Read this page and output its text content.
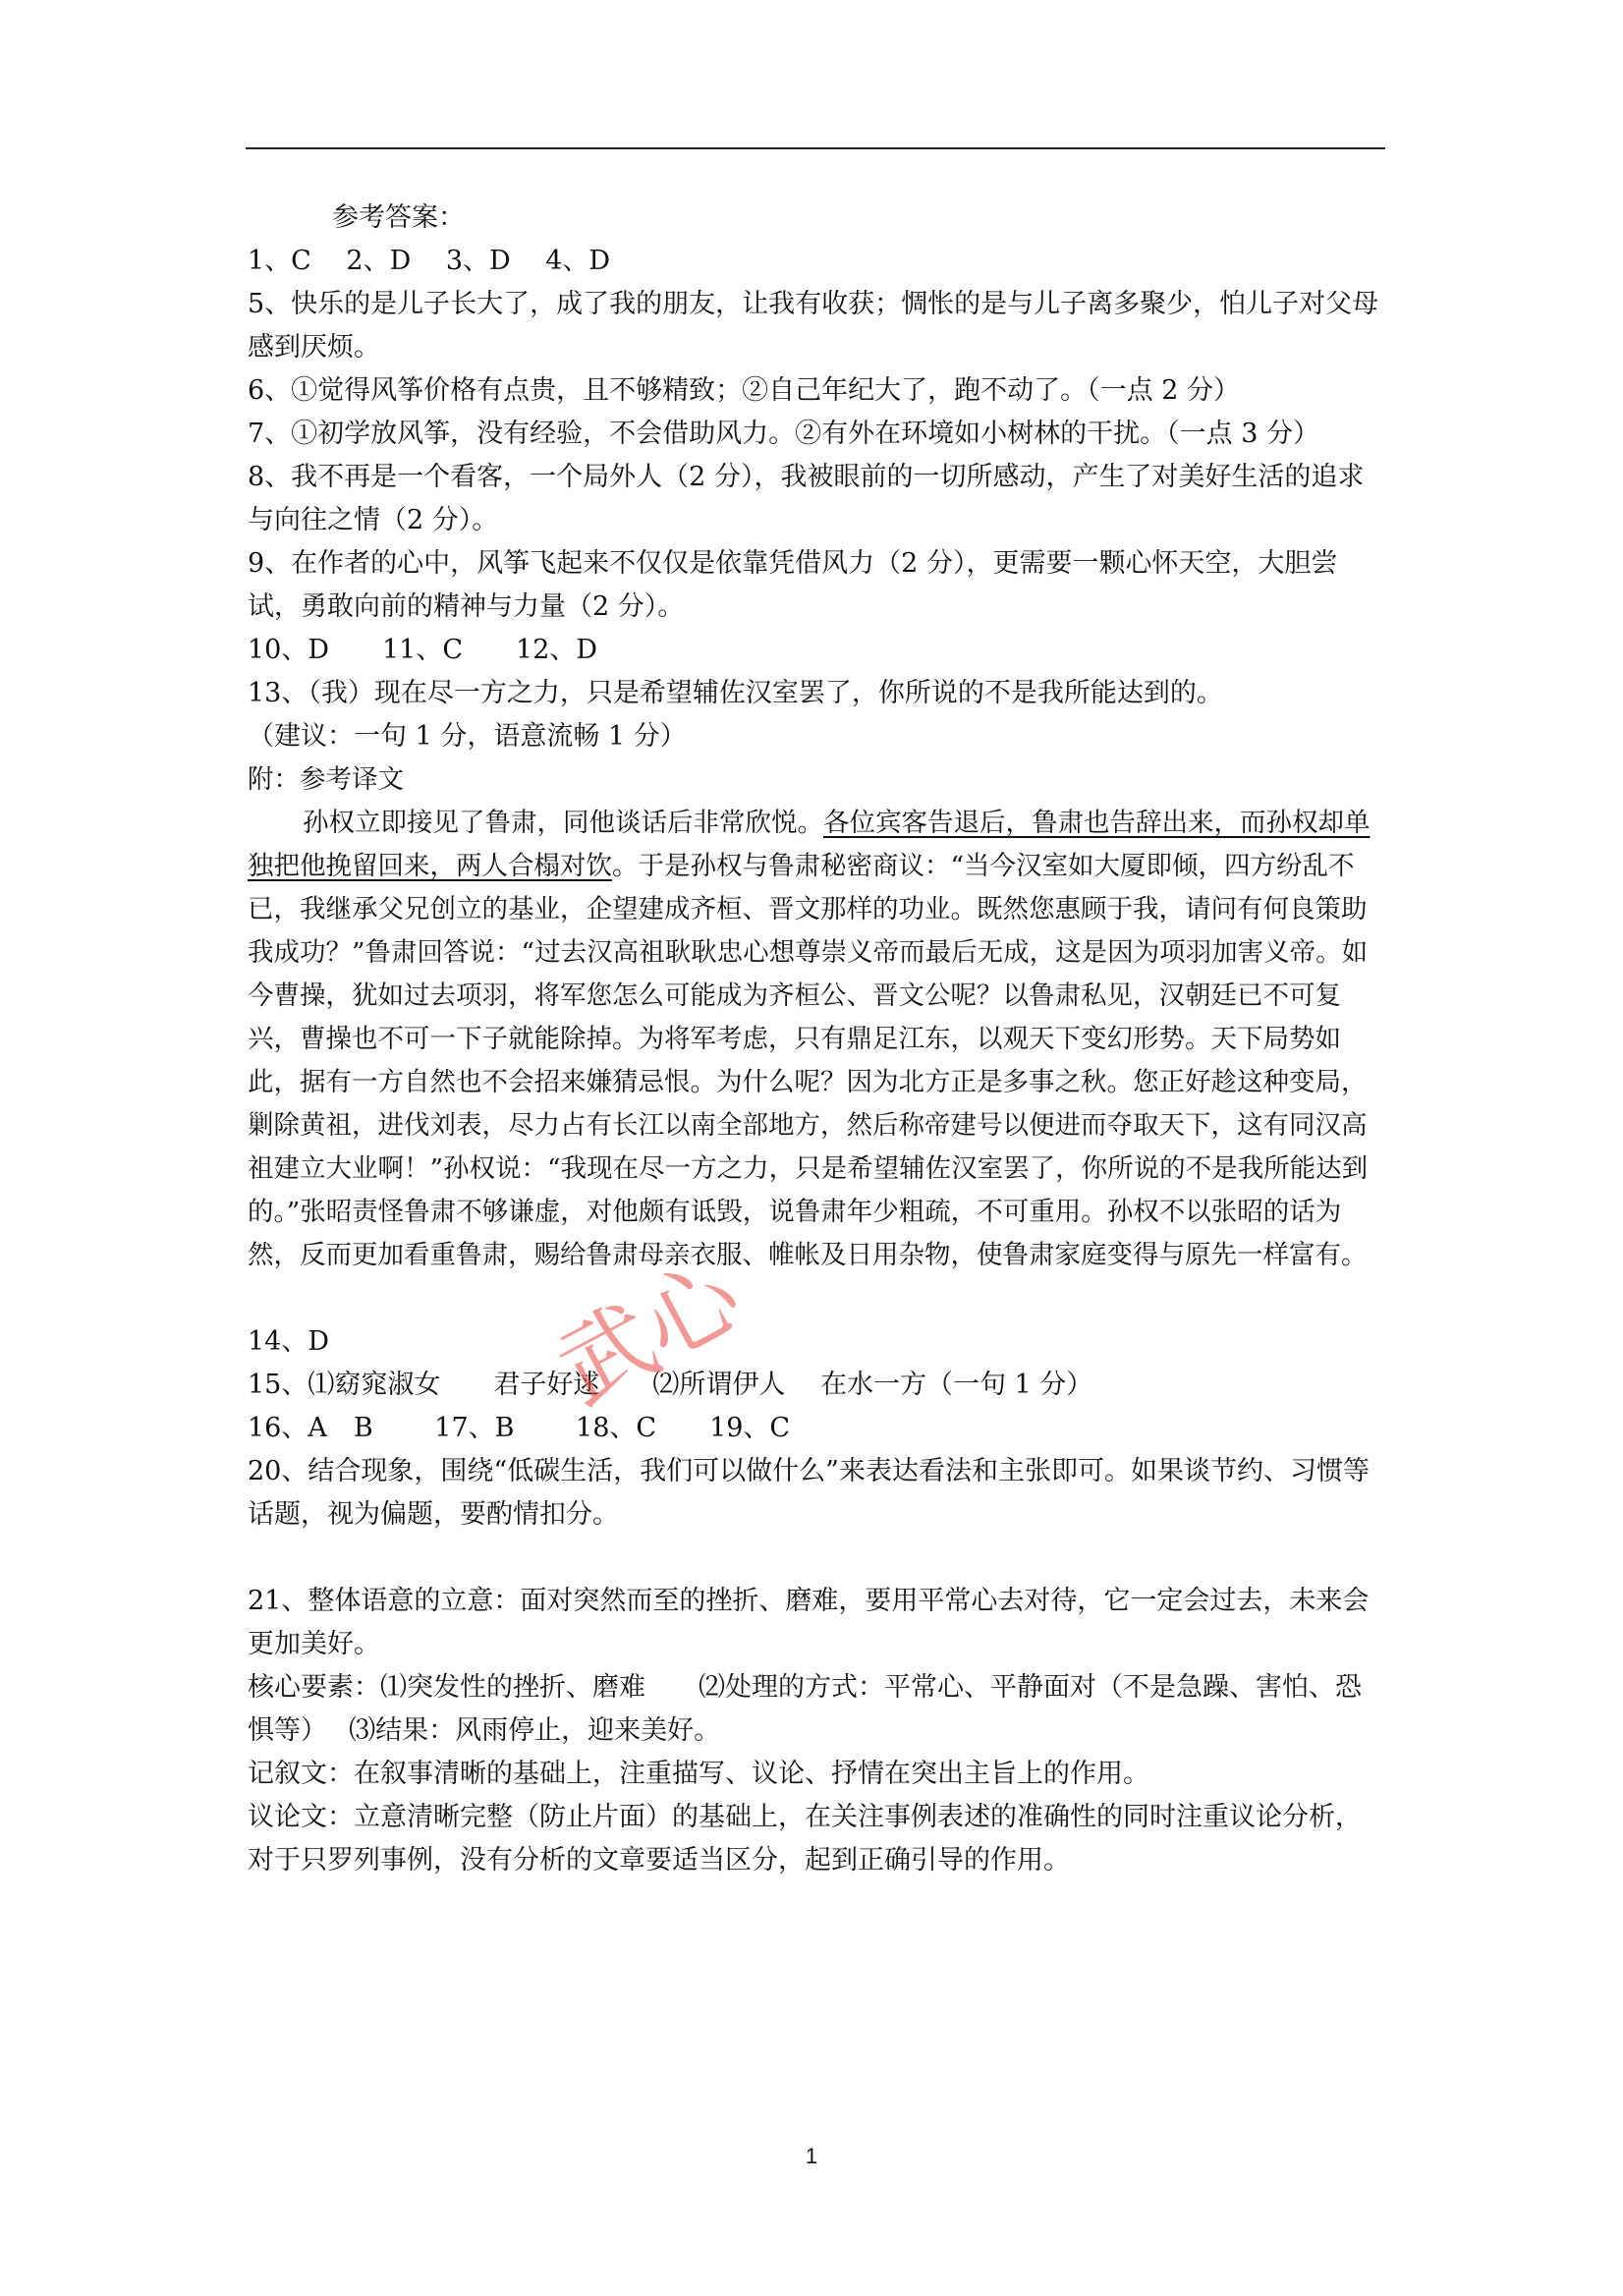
参考答案：

1、C　 2、D　 3、D　 4、D

5、快乐的是儿子长大了，成了我的朋友，让我有收获；惆怅的是与儿子离多聚少，怕儿子对父母感到厌烦。

6、①觉得风筝价格有点贵，且不够精致；②自己年纪大了，跑不动了。（一点 2 分）

7、①初学放风筝，没有经验，不会借助风力。②有外在环境如小树林的干扰。（一点 3 分）

8、我不再是一个看客，一个局外人（2 分），我被眼前的一切所感动，产生了对美好生活的追求与向往之情（2 分）。

9、在作者的心中，风筝飞起来不仅仅是依靠凭借风力（2 分），更需要一颗心怀天空，大胆尝试，勇敢向前的精神与力量（2 分）。

10、D　　11、C　　12、D

13、（我）现在尽一方之力，只是希望辅佐汉室罢了，你所说的不是我所能达到的。

（建议：一句 1 分，语意流畅 1 分）

附：参考译文

孙权立即接见了鲁肃，同他谈话后非常欣悦。各位宾客告退后，鲁肃也告辞出来，而孙权却单独把他挽留回来，两人合榻对饮。于是孙权与鲁肃秘密商议：“当今汉室如大厦即倾，四方纷乱不已，我继承父兄创立的基业，企望建成齐桓、晋文那样的功业。既然您惠顾于我，请问有何良策助我成功？”鲁肃回答说：“过去汉高祖耿耿忠心想尊崇义帝而最后无成，这是因为项羽加害义帝。如今曹操，犹如过去项羽，将军您怎么可能成为齐桓公、晋文公呢？以鲁肃私见，汉朝廷已不可复兴，曹操也不可一下子就能除掉。为将军考虑，只有鼎足江东，以观天下变幻形势。天下局势如此，据有一方自然也不会招来嫌猜忌恨。为什么呢？因为北方正是多事之秋。您正好趁这种变局，剿除黄祖，进伐刘表，尽力占有长江以南全部地方，然后称帝建号以便进而夺取天下，这有同汉高祖建立大业啊！”孙权说：“我现在尽一方之力，只是希望辅佐汉室罢了，你所说的不是我所能达到的。”张昭责怪鲁肃不够谦虚，对他颇有诋毁，说鲁肃年少粗疏，不可重用。孙权不以张昭的话为然，反而更加看重鲁肃，赐给鲁肃母亲衣服、帷帐及日用杂物，使鲁肃家庭变得与原先一样富有。

14、D

15、⑴窈窕淑女　　君子好逑　　⑵所谓伊人　 在水一方（一句 1 分）

16、A　B　　 17、B　　 18、C　　19、C

20、结合现象，围绕“低碳生活，我们可以做什么”来表达看法和主张即可。如果谈节约、习惯等话题，视为偏题，要酌情扣分。

21、整体语意的立意：面对突然而至的挫折、磨难，要用平常心去对待，它一定会过去，未来会更加美好。

核心要素：⑴突发性的挫折、磨难　　⑵处理的方式：平常心、平静面对（不是急躁、害怕、恐惧等）　 ⑶结果：风雨停止，迎来美好。

记叙文：在叙事清晰的基础上，注重描写、议论、抒情在突出主旨上的作用。

议论文：立意清晰完整（防止片面）的基础上，在关注事例表述的准确性的同时注重议论分析，对于只罗列事例，没有分析的文章要适当区分，起到正确引导的作用。

武心
1
